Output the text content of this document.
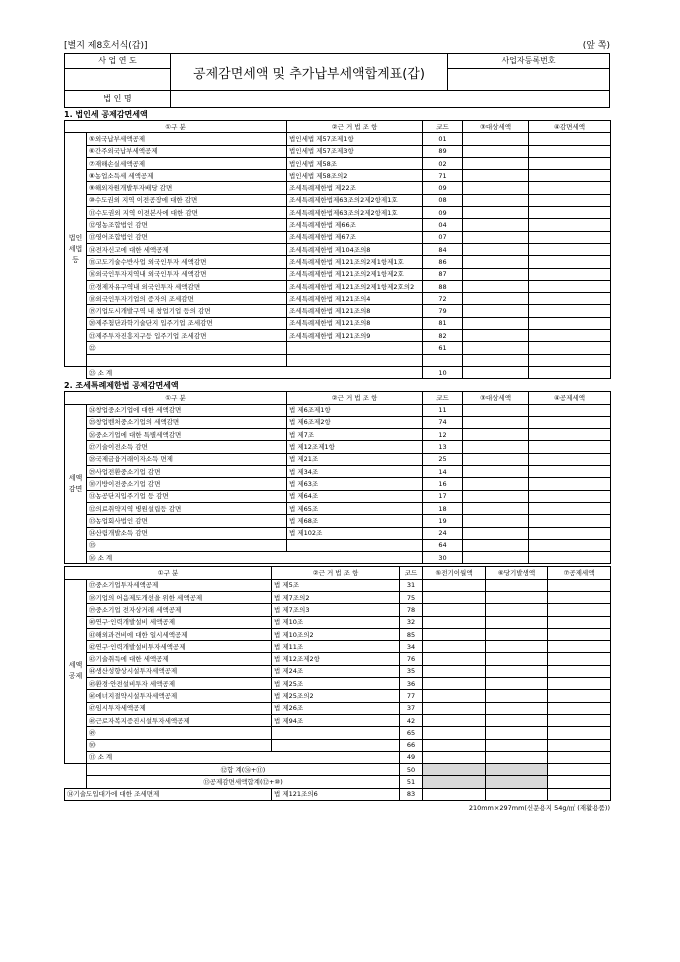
[별지 제8호서식(갑)]	(앞 쪽)
사 업 연 도
공제감면세액 및 추가납부세액합계표(갑)
사업자등록번호
법 인 명
1. 법인세 공제감면세액
①구 분		②근 거 법 조 항	코드	③대상세액	④감면세액
법인세법등	⑤외국납부세액공제	법인세법 제57조제1항	01		
	⑥간주외국납부세액공제	법인세법 제57조제3항	89		
	⑦재해손실세액공제	법인세법 제58조	02		
	⑧농업소득세 세액공제	법인세법 제58조의2	71		
	⑨해외자원개발투자배당 감면	조세특례제한법 제22조	09		
	⑩수도권외 지역 이전공장에 대한 감면	조세특례제한법제63조의2제2항제1호	08		
	⑪수도권외 지역 이전본사에 대한 감면	조세특례제한법제63조의2제2항제1호	09		
	⑫영농조합법인 감면	조세특례제한법 제66조	04		
	⑬영어조합법인 감면	조세특례제한법 제67조	07		
	⑭전자신고에 대한 세액공제	조세특례제한법 제104조의8	84		
	⑮고도기술수반사업 외국인투자 세액감면	조세특례제한법 제121조의2제1항제1호	86		
	⑯외국인투자지역내 외국인투자 세액감면	조세특례제한법 제121조의2제1항제2호	87		
	⑰경제자유구역내 외국인투자 세액감면	조세특례제한법 제121조의2제1항제2호의2	88		
	⑱외국인투자기업의 증자의 조세감면	조세특례제한법 제121조의4	72		
	⑲기업도시개발구역 내 창업기업 등의 감면	조세특례제한법 제121조의8	79		
	⑳제주첨단과학기술단지 입주기업 조세감면	조세특례제한법 제121조의8	81		
	㉑제주투자진흥지구등 입주기업 조세감면	조세특례제한법 제121조의9	82		
	㉒		61		

	㉓ 소 계		10		
2. 조세특례제한법 공제감면세액
①구 분		②근 거 법 조 항	코드	③대상세액	④공제세액
세액감면	㉔창업중소기업에 대한 세액감면	법 제6조제1항	11		
	㉕창업벤처중소기업의 세액감면	법 제6조제2항	74		
	㉖중소기업에 대한 특별세액감면	법 제7조	12		
	㉗기술이전소득 감면	법 제12조제1항	13		
	㉘국제금융거래이자소득 면제	법 제21조	25		
	㉙사업전환중소기업 감면	법 제34조	14		
	㉚기방이전중소기업 감면	법 제63조	16		
	㉛농공단지입주기업 등 감면	법 제64조	17		
	㉜의료취약지역 병원설립등 감면	법 제65조	18		
	㉝농업회사법인 감면	법 제68조	19		
	㉞산림개발소득 감면	법 제102조	24		
	㉟		64		
	㊱ 소 계		30		
①구 분		②근 거 법 조 항	코드	⑤전기이월액	⑥당기발생액	⑦공제세액
세액공제	㊲중소기업투자세액공제	법 제5조	31			
	㊳기업의 어음제도개선을 위한 세액공제	법 제7조의2	75			
	㊴중소기업 전자상거래 세액공제	법 제7조의3	78			
	㊵연구·인력개발설비 세액공제	법 제10조	32			
	㊶해외과견비에 대한 일시세액공제	법 제10조의2	85			
	㊷연구·인력개발설비투자세액공제	법 제11조	34			
	㊸기술취득에 대한 세액공제	법 제12조제2항	76			
	㊹생산성향상시설투자세액공제	법 제24조	35			
	㊺환경·안전설비투자 세액공제	법 제25조	36			
	㊻에너지절약시설투자세액공제	법 제25조의2	77			
	㊼임시투자세액공제	법 제26조	37			
	㊽근로자복지증진시설투자세액공제	법 제94조	42			
	㊾		65			
	㊿		66			
	⑪ 소 계		49			
	⑫합 계(㊱+⑪)		50			
	⑬공제감면세액합계(⑫+⑩)		51			
⑭기술도입대가에 대한 조세면제		법 제121조의6	83			
210mm×297mm(신문용지 54g/㎡ (재활용품))
